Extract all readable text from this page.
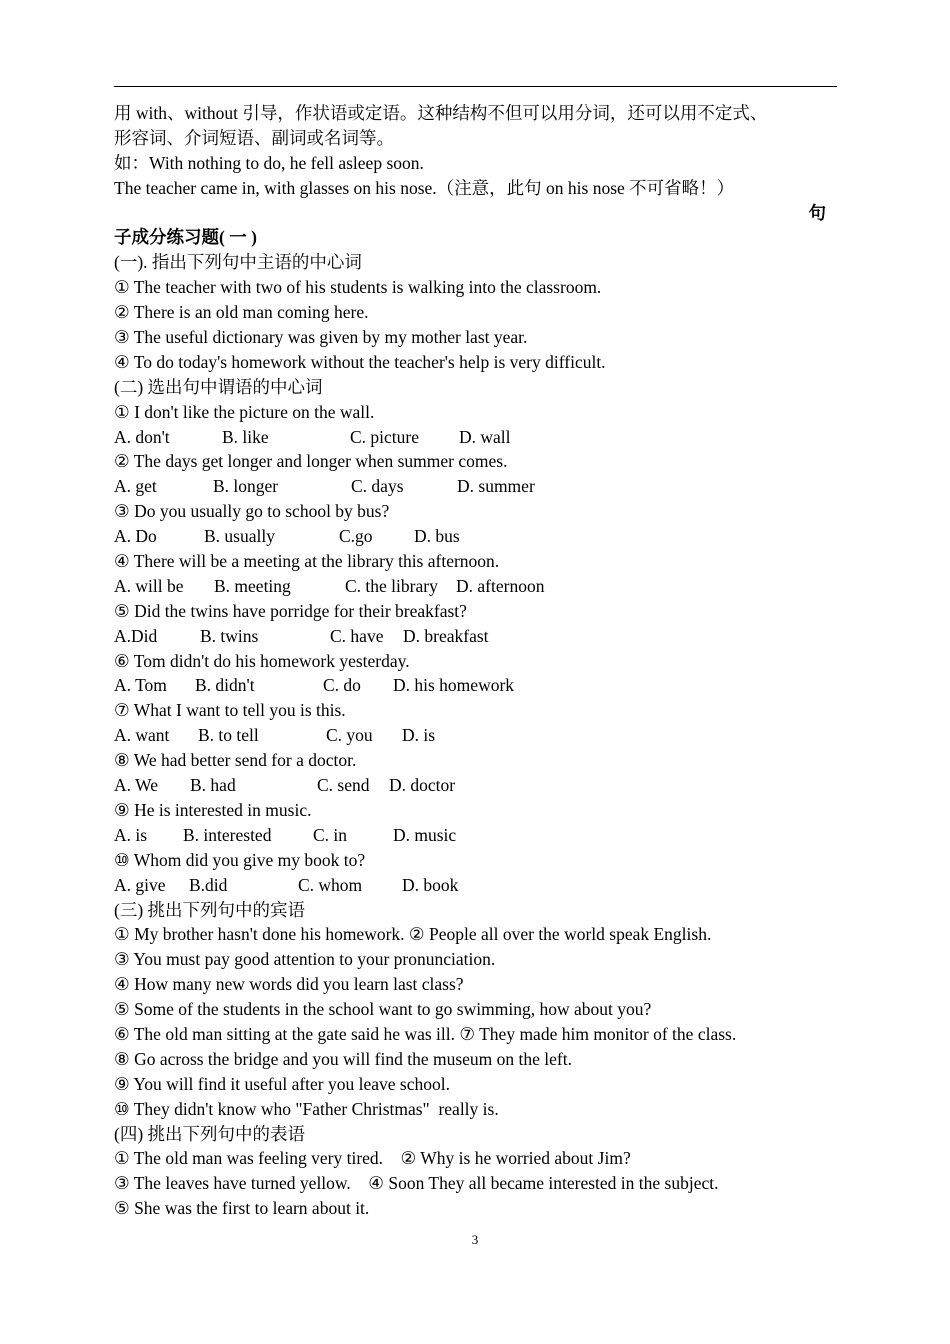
用 with、without 引导，作状语或定语。这种结构不但可以用分词，还可以用不定式、
形容词、介词短语、副词或名词等。
如：With nothing to do, he fell asleep soon.
The teacher came in, with glasses on his nose.（注意，此句 on his nose 不可省略！）
句
子成分练习题( 一 )
(一). 指出下列句中主语的中心词
① The teacher with two of his students is walking into the classroom.
② There is an old man coming here.
③ The useful dictionary was given by my mother last year.
④ To do today's homework without the teacher's help is very difficult.
(二) 选出句中谓语的中心词
① I don't like the picture on the wall.
A. don't	B. like	C. picture D. wall
② The days get longer and longer when summer comes.
A. get	B. longer	C. days	D. summer
③ Do you usually go to school by bus?
A. Do	B. usually	C.go D. bus
④ There will be a meeting at the library this afternoon.
A. will be B. meeting	C. the library D. afternoon
⑤ Did the twins have porridge for their breakfast?
A.Did B. twins	C. have D. breakfast
⑥ Tom didn't do his homework yesterday.
A. Tom B. didn't	C. do D. his homework
⑦ What I want to tell you is this.
A. want B. to tell	C. you D. is
⑧ We had better send for a doctor.
A. We B. had	C. send D. doctor
⑨ He is interested in music.
A. is B. interested C. in	D. music
⑩ Whom did you give my book to?
A. give B.did	C. whom D. book
(三) 挑出下列句中的宾语
① My brother hasn't done his homework. ② People all over the world speak English.
③ You must pay good attention to your pronunciation.
④ How many new words did you learn last class?
⑤ Some of the students in the school want to go swimming, how about you?
⑥ The old man sitting at the gate said he was ill. ⑦ They made him monitor of the class.
⑧ Go across the bridge and you will find the museum on the left.
⑨ You will find it useful after you leave school.
⑩ They didn't know who "Father Christmas"  really is.
(四) 挑出下列句中的表语
① The old man was feeling very tired.    ② Why is he worried about Jim?
③ The leaves have turned yellow.    ④ Soon They all became interested in the subject.
⑤ She was the first to learn about it.
3
